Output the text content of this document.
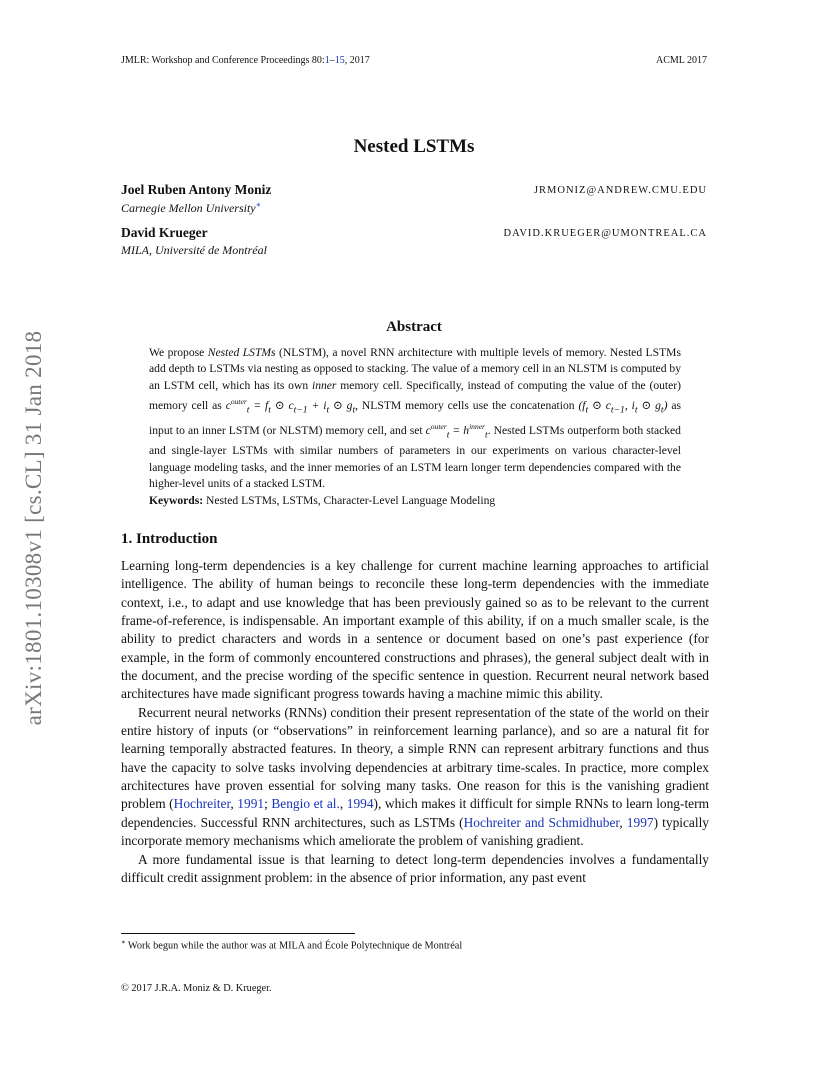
JMLR: Workshop and Conference Proceedings 80:1–15, 2017	ACML 2017
arXiv:1801.10308v1 [cs.CL] 31 Jan 2018
Nested LSTMs
Joel Ruben Antony Moniz	JRMONIZ@ANDREW.CMU.EDU
Carnegie Mellon University∗
David Krueger	DAVID.KRUEGER@UMONTREAL.CA
MILA, Université de Montréal
Abstract

We propose Nested LSTMs (NLSTM), a novel RNN architecture with multiple levels of memory. Nested LSTMs add depth to LSTMs via nesting as opposed to stacking. The value of a memory cell in an NLSTM is computed by an LSTM cell, which has its own inner memory cell. Specifically, instead of computing the value of the (outer) memory cell as $c^{outer}_t = f_t$ ⊙ $c_{t-1} + i_t$ ⊙ $g_t$, NLSTM memory cells use the concatenation ($f_t$ ⊙ $c_{t-1}$, $i_t$ ⊙ $g_t$) as input to an inner LSTM (or NLSTM) memory cell, and set $c^{outer}_t = h^{inner}_t$. Nested LSTMs outperform both stacked and single-layer LSTMs with similar numbers of parameters in our experiments on various character-level language modeling tasks, and the inner memories of an LSTM learn longer term dependencies compared with the higher-level units of a stacked LSTM.

Keywords: Nested LSTMs, LSTMs, Character-Level Language Modeling

1. Introduction

Learning long-term dependencies is a key challenge for current machine learning approaches to artificial intelligence. The ability of human beings to reconcile these long-term dependencies with the immediate context, i.e., to adapt and use knowledge that has been previously gained so as to be relevant to the current frame-of-reference, is indispensable. An important example of this ability, if on a much smaller scale, is the ability to predict characters and words in a sentence or document based on one’s past experience (for example, in the form of commonly encountered constructions and phrases), the general subject dealt with in the document, and the precise wording of the specific sentence in question. Recurrent neural network based architectures have made significant progress towards having a machine mimic this ability.

Recurrent neural networks (RNNs) condition their present representation of the state of the world on their entire history of inputs (or “observations” in reinforcement learning parlance), and so are a natural fit for learning temporally abstracted features. In theory, a simple RNN can represent arbitrary functions and thus have the capacity to solve tasks involving dependencies at arbitrary time-scales. In practice, more complex architectures have proven essential for solving many tasks. One reason for this is the vanishing gradient problem (Hochreiter, 1991; Bengio et al., 1994), which makes it difficult for simple RNNs to learn long-term dependencies. Successful RNN architectures, such as LSTMs (Hochreiter and Schmidhuber, 1997) typically incorporate memory mechanisms which ameliorate the problem of vanishing gradient.

A more fundamental issue is that learning to detect long-term dependencies involves a fundamentally difficult credit assignment problem: in the absence of prior information, any past event

∗ Work begun while the author was at MILA and École Polytechnique de Montréal
© 2017 J.R.A. Moniz & D. Krueger.
